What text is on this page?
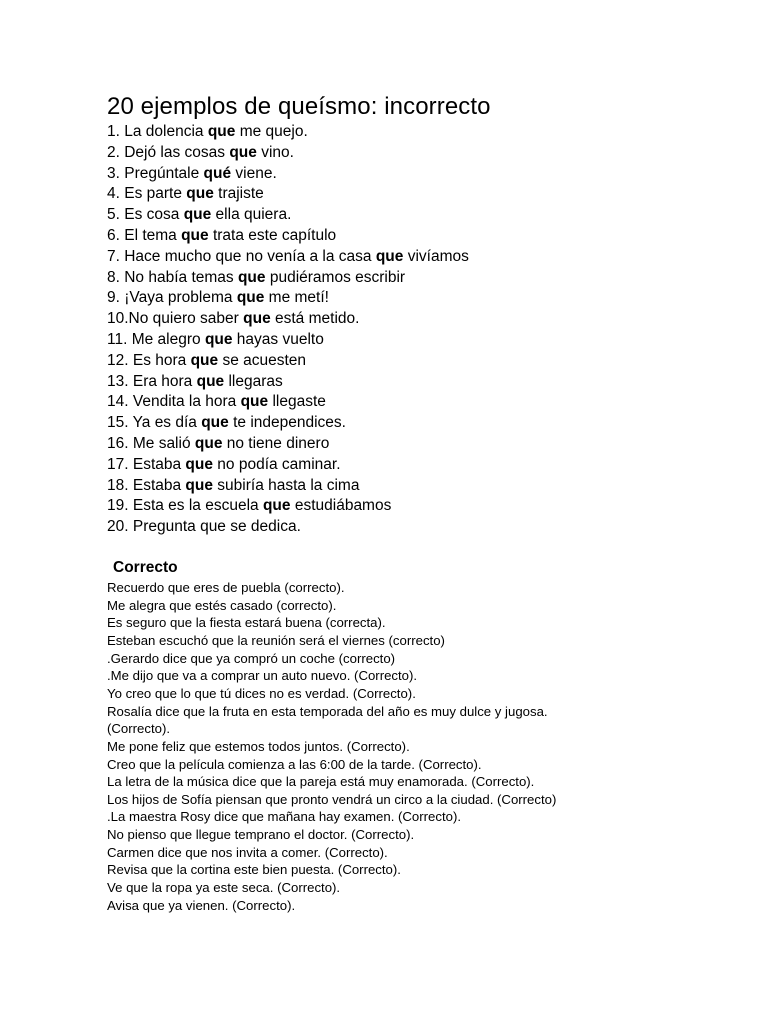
20 ejemplos de queísmo: incorrecto
1. La dolencia que me quejo.
2. Dejó las cosas que vino.
3. Pregúntale qué viene.
4. Es parte que trajiste
5. Es cosa que ella quiera.
6. El tema que trata este capítulo
7. Hace mucho que no venía a la casa que vivíamos
8. No había temas que pudiéramos escribir
9. ¡Vaya problema que me metí!
10.No quiero saber que está metido.
11. Me alegro que hayas vuelto
12. Es hora que se acuesten
13. Era hora que llegaras
14. Vendita la hora que llegaste
15. Ya es día que te independices.
16. Me salió que no tiene dinero
17. Estaba que no podía caminar.
18. Estaba que subiría hasta la cima
19. Esta es la escuela que estudiábamos
20. Pregunta que se dedica.
Correcto
Recuerdo que eres de puebla (correcto).
Me alegra que estés casado (correcto).
Es seguro que la fiesta estará buena (correcta).
Esteban escuchó que la reunión será el viernes (correcto)
.Gerardo dice que ya compró un coche (correcto)
.Me dijo que va a comprar un auto nuevo. (Correcto).
Yo creo que lo que tú dices no es verdad. (Correcto).
Rosalía dice que la fruta en esta temporada del año es muy dulce y jugosa.
(Correcto).
Me pone feliz que estemos todos juntos. (Correcto).
Creo que la película comienza a las 6:00 de la tarde. (Correcto).
La letra de la música dice que la pareja está muy enamorada. (Correcto).
Los hijos de Sofía piensan que pronto vendrá un circo a la ciudad. (Correcto)
.La maestra Rosy dice que mañana hay examen. (Correcto).
No pienso que llegue temprano el doctor. (Correcto).
Carmen dice que nos invita a comer. (Correcto).
Revisa que la cortina este bien puesta. (Correcto).
Ve que la ropa ya este seca. (Correcto).
Avisa que ya vienen. (Correcto).
